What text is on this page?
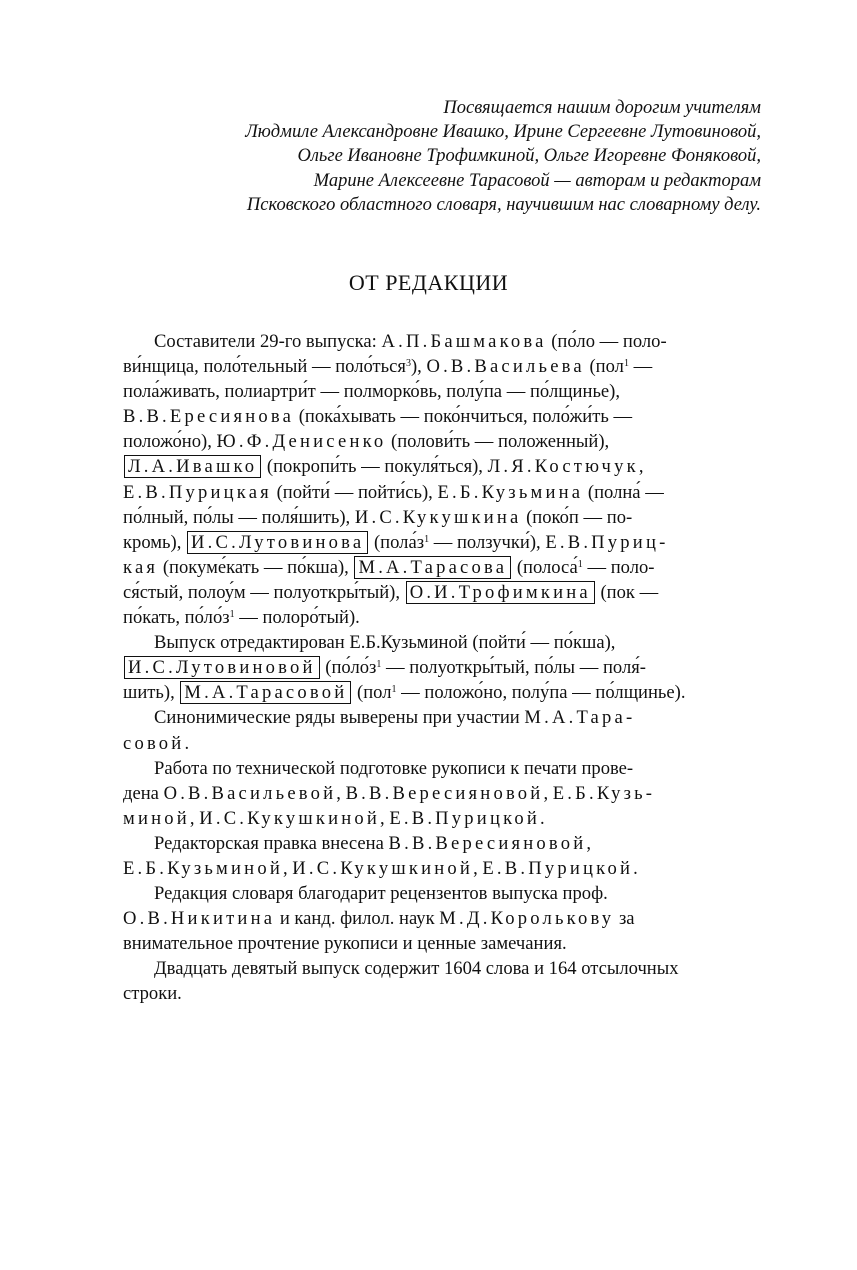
Посвящается нашим дорогим учителям
Людмиле Александровне Ивашко, Ирине Сергеевне Лутовиновой,
Ольге Ивановне Трофимкиной, Ольге Игоревне Фоняковой,
Марине Алексеевне Тарасовой — авторам и редакторам
Псковского областного словаря, научившим нас словарному делу.
ОТ РЕДАКЦИИ
Составители 29-го выпуска: А.П.Башмакова (по́ло — поло-
ви́нщица, поло́тельный — поло́ться$^3$), О.В.Васильева (пол$^1$ —
пола́живать, полиартри́т — полморко́вь, полу́па — по́лщинье),
В.В.Ересиянова (пока́хывать — поко́нчиться, поло́жи́ть —
положо́но), Ю.Ф.Денисенко (полови́ть — положенный),
Л.А.Ивашко (покропи́ть — покуля́ться), Л.Я.Костючук,
Е.В.Пурицкая (пойти́ — пойти́сь), Е.Б.Кузьмина (полна́ —
по́лный, по́лы — поля́шить), И.С.Кукушкина (поко́п — по-
кромь), И.С.Лутовинова ($пола́з^1$ — ползучки́), Е.В.Пуриц-
кая (покуме́кать — по́кша), М.А.Тарасова (полоса́$^1$ — поло-
ся́стый, полоу́м — полуоткры́тый), О.И.Трофимкина (пок —
по́кать, $по́ло́з^1$ — полоро́тый).
Выпуск отредактирован Е.Б.Кузьминой (пойти́ — по́кша),
И.С.Лутовиновой ($по́ло́з^1$ — полуоткры́тый, по́лы — поля́-
шить), М.А.Тарасовой (пол$^1$ — положо́но, полу́па — по́лщинье).
Синонимические ряды выверены при участии М.А.Тара-
совой.
Работа по технической подготовке рукописи к печати прове-
дена О.В.Васильевой, В.В.Вересияновой, Е.Б.Кузь-
миной, И.С.Кукушкиной, Е.В.Пурицкой.
Редакторская правка внесена В.В.Вересияновой,
Е.Б.Кузьминой, И.С.Кукушкиной, Е.В.Пурицкой.
Редакция словаря благодарит рецензентов выпуска проф.
О.В.Никитина и канд. филол. наук М.Д.Королькову за
внимательное прочтение рукописи и ценные замечания.
Двадцать девятый выпуск содержит 1604 слова и 164 отсылочных
строки.
